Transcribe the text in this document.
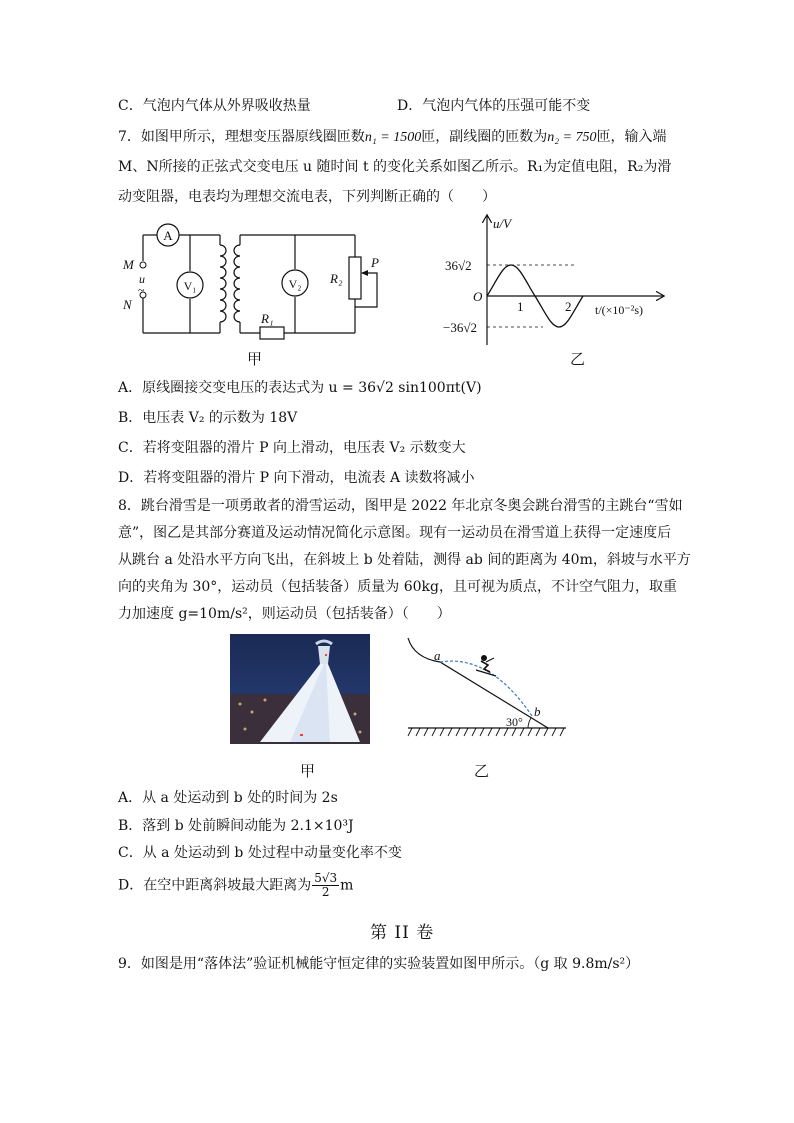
C．气泡内气体从外界吸收热量	D．气泡内气体的压强可能不变
7．如图甲所示，理想变压器原线圈匝数n₁ = 1500匝，副线圈的匝数为n₂ = 750匝，输入端
M、N所接的正弦式交变电压 u 随时间 t 的变化关系如图乙所示。R₁为定值电阻，R₂为滑
动变阻器，电表均为理想交流电表，下列判断正确的（　　）
A
V₁	V₂
R₁
R₂
P
M
N
u
~
甲
u/V
36√2
−36√2
O
1	2 t/(×10⁻²s)
乙
A．原线圈接交变电压的表达式为 u = 36√2 sin100πt(V)
B．电压表 V₂ 的示数为 18V
C．若将变阻器的滑片 P 向上滑动，电压表 V₂ 示数变大
D．若将变阻器的滑片 P 向下滑动，电流表 A 读数将减小
8．跳台滑雪是一项勇敢者的滑雪运动，图甲是 2022 年北京冬奥会跳台滑雪的主跳台“雪如
意”，图乙是其部分赛道及运动情况简化示意图。现有一运动员在滑雪道上获得一定速度后
从跳台 a 处沿水平方向飞出，在斜坡上 b 处着陆，测得 ab 间的距离为 40m，斜坡与水平方
向的夹角为 30°，运动员（包括装备）质量为 60kg，且可视为质点，不计空气阻力，取重
力加速度 g=10m/s²，则运动员（包括装备）（　　）
甲
a
b
30°
乙
A．从 a 处运动到 b 处的时间为 2s
B．落到 b 处前瞬间动能为 2.1×10³J
C．从 a 处运动到 b 处过程中动量变化率不变
D．在空中距离斜坡最大距离为 $\frac{5√3}{2}$ m
第 II 卷
9．如图是用“落体法”验证机械能守恒定律的实验装置如图甲所示。（g 取 9.8m/s²）
